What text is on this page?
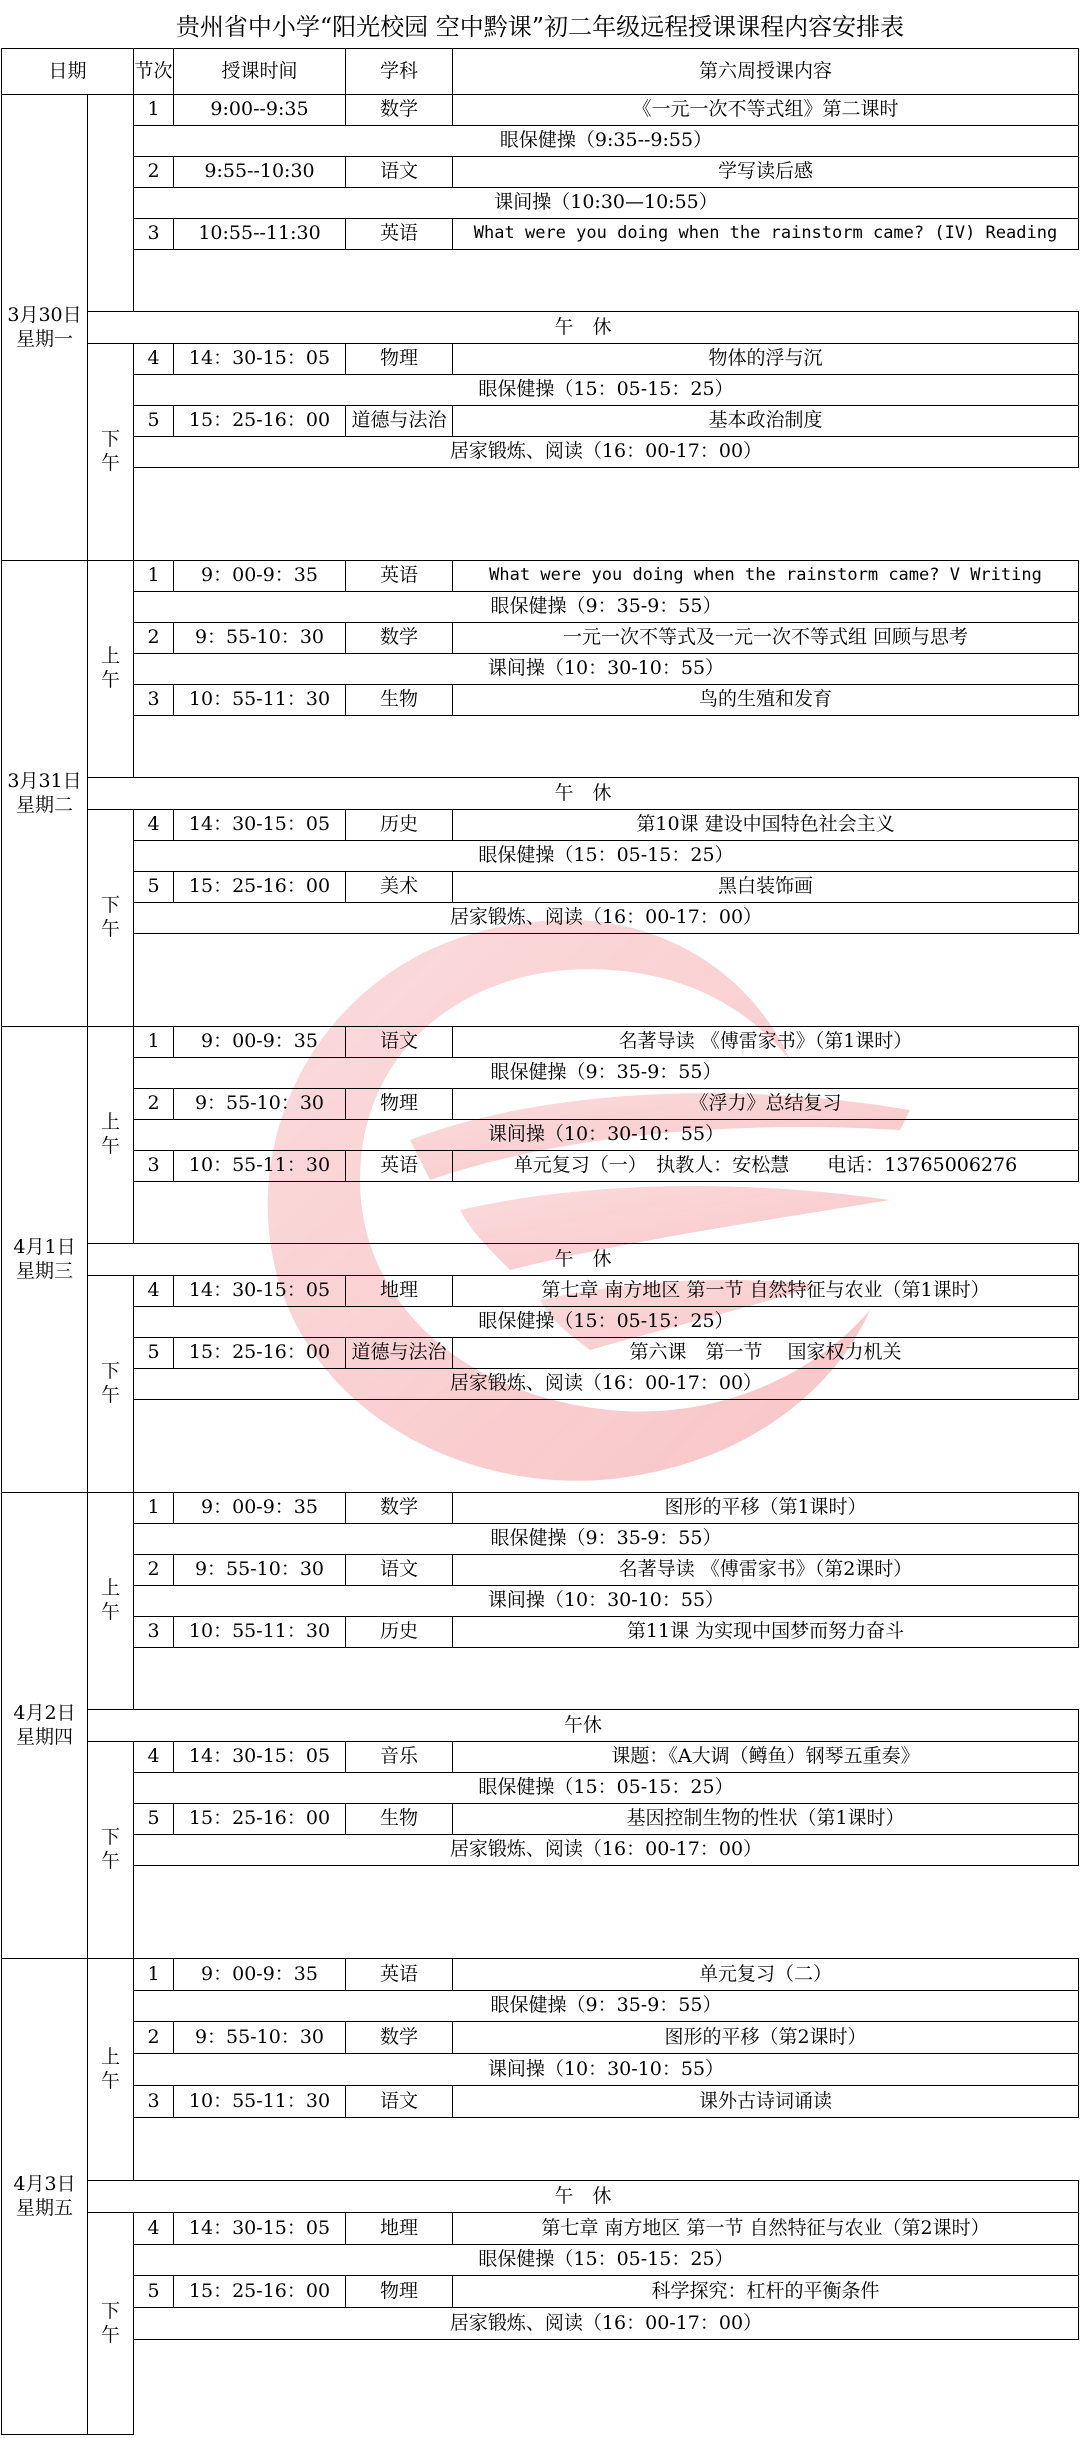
贵州省中小学“阳光校园 空中黔课”初二年级远程授课课程内容安排表
日期	节次	授课时间	学科	第六周授课内容
3月30日
星期一
午　休
下午
1	9:00--9:35	数学	《一元一次不等式组》第二课时
眼保健操（9:35--9:55）
2	9:55--10:30	语文	学写读后感
课间操（10:30—10:55）
3	10:55--11:30	英语	What were you doing when the rainstorm came? (IV) Reading
4	14：30-15：05	物理	物体的浮与沉
眼保健操（15：05-15：25）
5	15：25-16：00	道德与法治	基本政治制度
居家锻炼、阅读（16：00-17：00）
3月31日
星期二
上午
午　休
下午
1	9：00-9：35	英语	What were you doing when the rainstorm came? V Writing
眼保健操（9：35-9：55）
2	9：55-10：30	数学	一元一次不等式及一元一次不等式组 回顾与思考
课间操（10：30-10：55）
3	10：55-11：30	生物	鸟的生殖和发育
4	14：30-15：05	历史	第10课 建设中国特色社会主义
眼保健操（15：05-15：25）
5	15：25-16：00	美术	黑白装饰画
居家锻炼、阅读（16：00-17：00）
4月1日
星期三
上午
午　休
下午
1	9：00-9：35	语文	名著导读 《傅雷家书》（第1课时）
眼保健操（9：35-9：55）
2	9：55-10：30	物理	《浮力》总结复习
课间操（10：30-10：55）
3	10：55-11：30	英语	单元复习（一）　执教人：安松慧　　电话：13765006276
4	14：30-15：05	地理	第七章 南方地区 第一节 自然特征与农业（第1课时）
眼保健操（15：05-15：25）
5	15：25-16：00	道德与法治	第六课　第一节　 国家权力机关
居家锻炼、阅读（16：00-17：00）
4月2日
星期四
上午
午休
下午
1	9：00-9：35	数学	图形的平移（第1课时）
眼保健操（9：35-9：55）
2	9：55-10：30	语文	名著导读 《傅雷家书》（第2课时）
课间操（10：30-10：55）
3	10：55-11：30	历史	第11课 为实现中国梦而努力奋斗
4	14：30-15：05	音乐	课题：《A大调（鳟鱼）钢琴五重奏》
眼保健操（15：05-15：25）
5	15：25-16：00	生物	基因控制生物的性状（第1课时）
居家锻炼、阅读（16：00-17：00）
4月3日
星期五
上午
午　休
下午
1	9：00-9：35	英语	单元复习（二）
眼保健操（9：35-9：55）
2	9：55-10：30	数学	图形的平移（第2课时）
课间操（10：30-10：55）
3	10：55-11：30	语文	课外古诗词诵读
4	14：30-15：05	地理	第七章 南方地区 第一节 自然特征与农业（第2课时）
眼保健操（15：05-15：25）
5	15：25-16：00	物理	科学探究：杠杆的平衡条件
居家锻炼、阅读（16：00-17：00）
